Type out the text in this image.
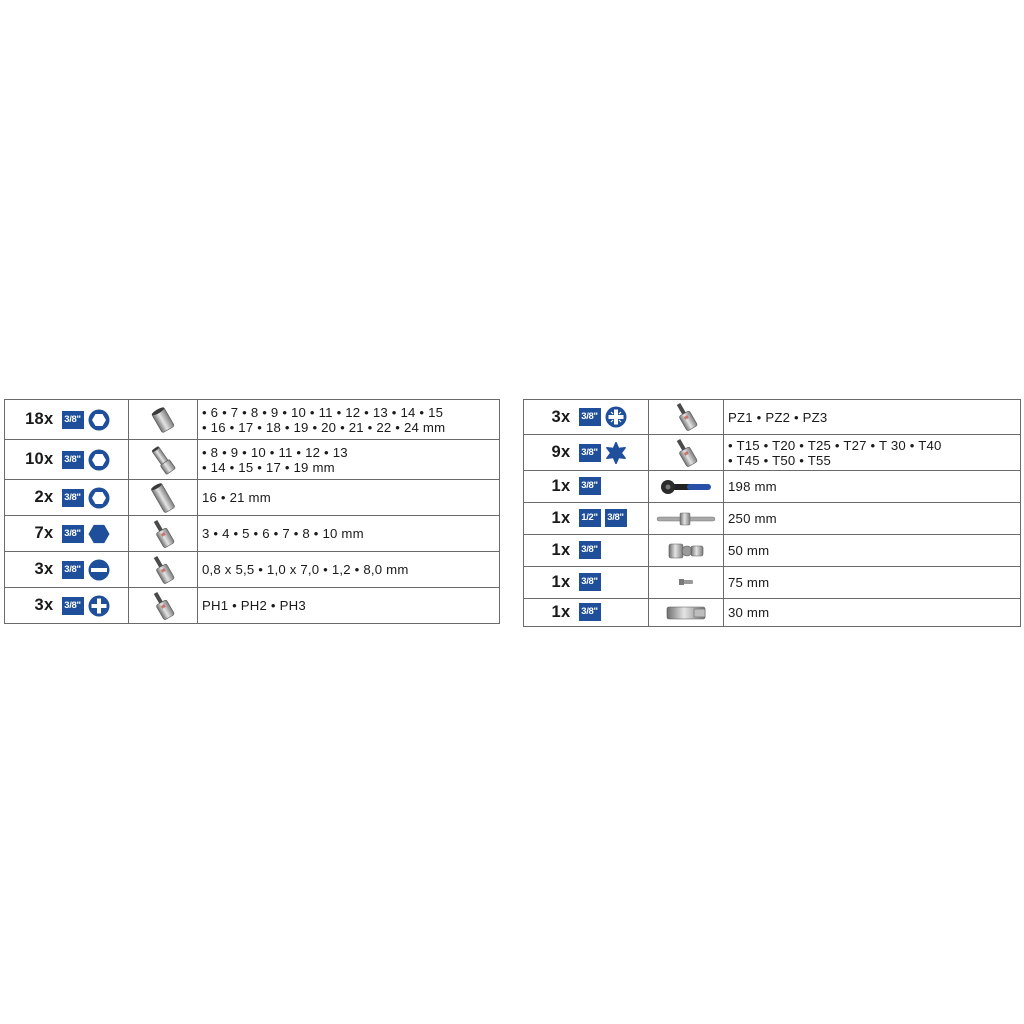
18x	3/8"		• 6 • 7 • 8 • 9 • 10 • 11 • 12 • 13 • 14 • 15
• 16 • 17 • 18 • 19 • 20 • 21 • 22 • 24 mm

10x	3/8"		• 8 • 9 • 10 • 11 • 12 • 13
• 14 • 15 • 17 • 19 mm

2x	3/8"		16 • 21 mm

7x	3/8"		3 • 4 • 5 • 6 • 7 • 8 • 10 mm

3x	3/8"		0,8 x 5,5 • 1,0 x 7,0 • 1,2 • 8,0 mm

3x	3/8"		PH1 • PH2 • PH3
3x	3/8"		PZ1 • PZ2 • PZ3

9x	3/8"		• T15 • T20 • T25 • T27 • T 30 • T40
• T45 • T50 • T55

1x	3/8"		198 mm

1x	1/2" 3/8"		250 mm

1x	3/8"		50 mm

1x	3/8"		75 mm

1x	3/8"		30 mm
